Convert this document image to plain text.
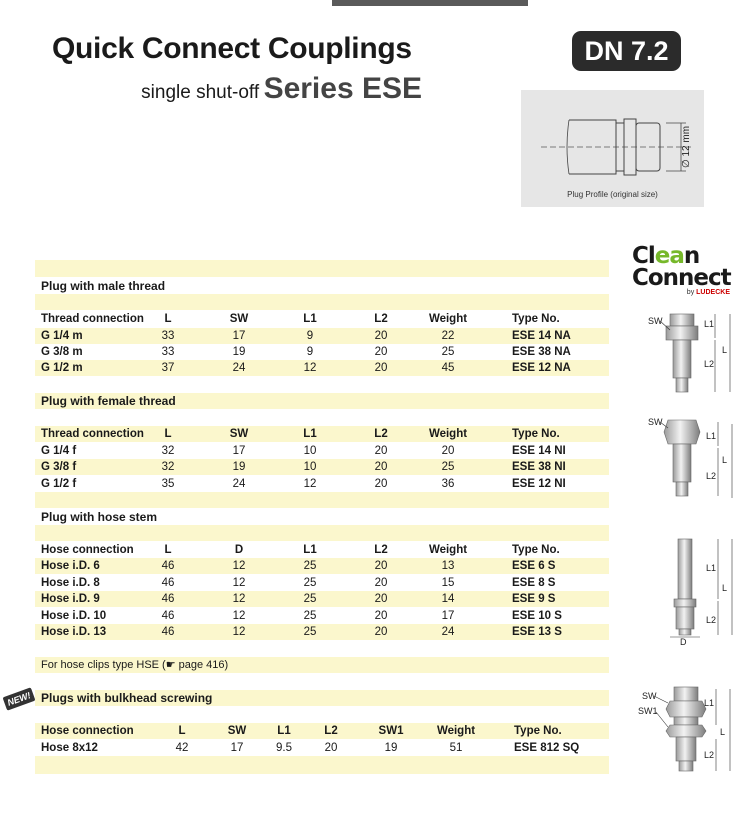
Quick Connect Couplings
single shut-off Series ESE
DN 7.2
∅ 12 mm
Plug Profile (original size)
Clean
Connect
by LUDECKE
Plug with male thread
Thread connection L	SW	L1	L2	Weight	Type No.
G 1/4 m	33	17	9	20	22	ESE 14 NA
G 3/8 m	33	19	9	20	25	ESE 38 NA
G 1/2 m	37	24	12	20	45	ESE 12 NA
Plug with female thread
Thread connection L	SW	L1	L2	Weight	Type No.
G 1/4 f	32	17	10	20	20	ESE 14 NI
G 3/8 f	32	19	10	20	25	ESE 38 NI
G 1/2 f	35	24	12	20	36	ESE 12 NI
Plug with hose stem
Hose connection	L	D	L1	L2	Weight	Type No.
Hose i.D. 6	46	12	25	20	13	ESE 6 S
Hose i.D. 8	46	12	25	20	15	ESE 8 S
Hose i.D. 9	46	12	25	20	14	ESE 9 S
Hose i.D. 10	46	12	25	20	17	ESE 10 S
Hose i.D. 13	46	12	25	20	24	ESE 13 S
For hose clips type HSE (☛ page 416)
NEW! Plugs with bulkhead screwing
Hose connection	L	SW	L1	L2	SW1	Weight	Type No.
Hose 8x12	42	17	9.5	20	19	51	ESE 812 SQ
SW	L1
L2
L
SW
L1
L2
L
L1
L2
L
D
SW
SW1
L1
L2
L
